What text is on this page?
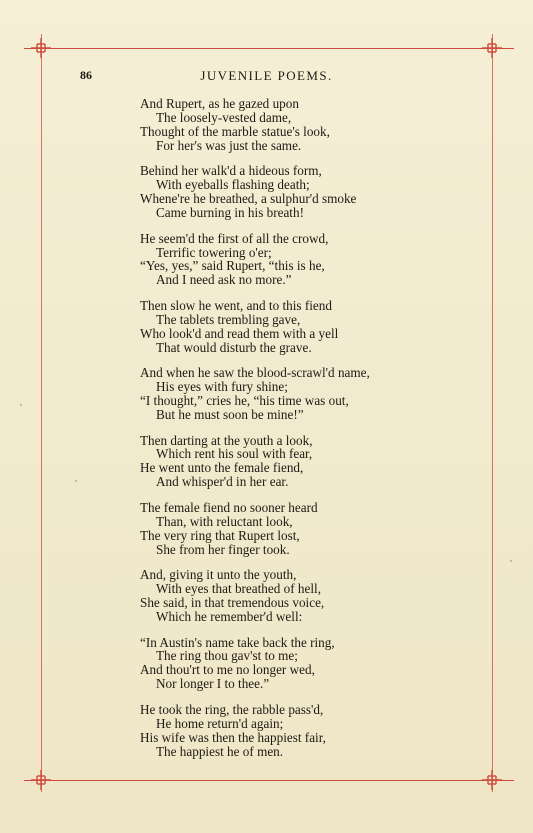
86	JUVENILE POEMS.
And Rupert, as he gazed upon
The loosely-vested dame,
Thought of the marble statue's look,
For her's was just the same.
Behind her walk'd a hideous form,
With eyeballs flashing death;
Whene're he breathed, a sulphur'd smoke
Came burning in his breath!
He seem'd the first of all the crowd,
Terrific towering o'er;
“Yes, yes,” said Rupert, “this is he,
And I need ask no more.”
Then slow he went, and to this fiend
The tablets trembling gave,
Who look'd and read them with a yell
That would disturb the grave.
And when he saw the blood-scrawl'd name,
His eyes with fury shine;
“I thought,” cries he, “his time was out,
But he must soon be mine!”
Then darting at the youth a look,
Which rent his soul with fear,
He went unto the female fiend,
And whisper'd in her ear.
The female fiend no sooner heard
Than, with reluctant look,
The very ring that Rupert lost,
She from her finger took.
And, giving it unto the youth,
With eyes that breathed of hell,
She said, in that tremendous voice,
Which he remember'd well:
“In Austin's name take back the ring,
The ring thou gav'st to me;
And thou'rt to me no longer wed,
Nor longer I to thee.”
He took the ring, the rabble pass'd,
He home return'd again;
His wife was then the happiest fair,
The happiest he of men.
